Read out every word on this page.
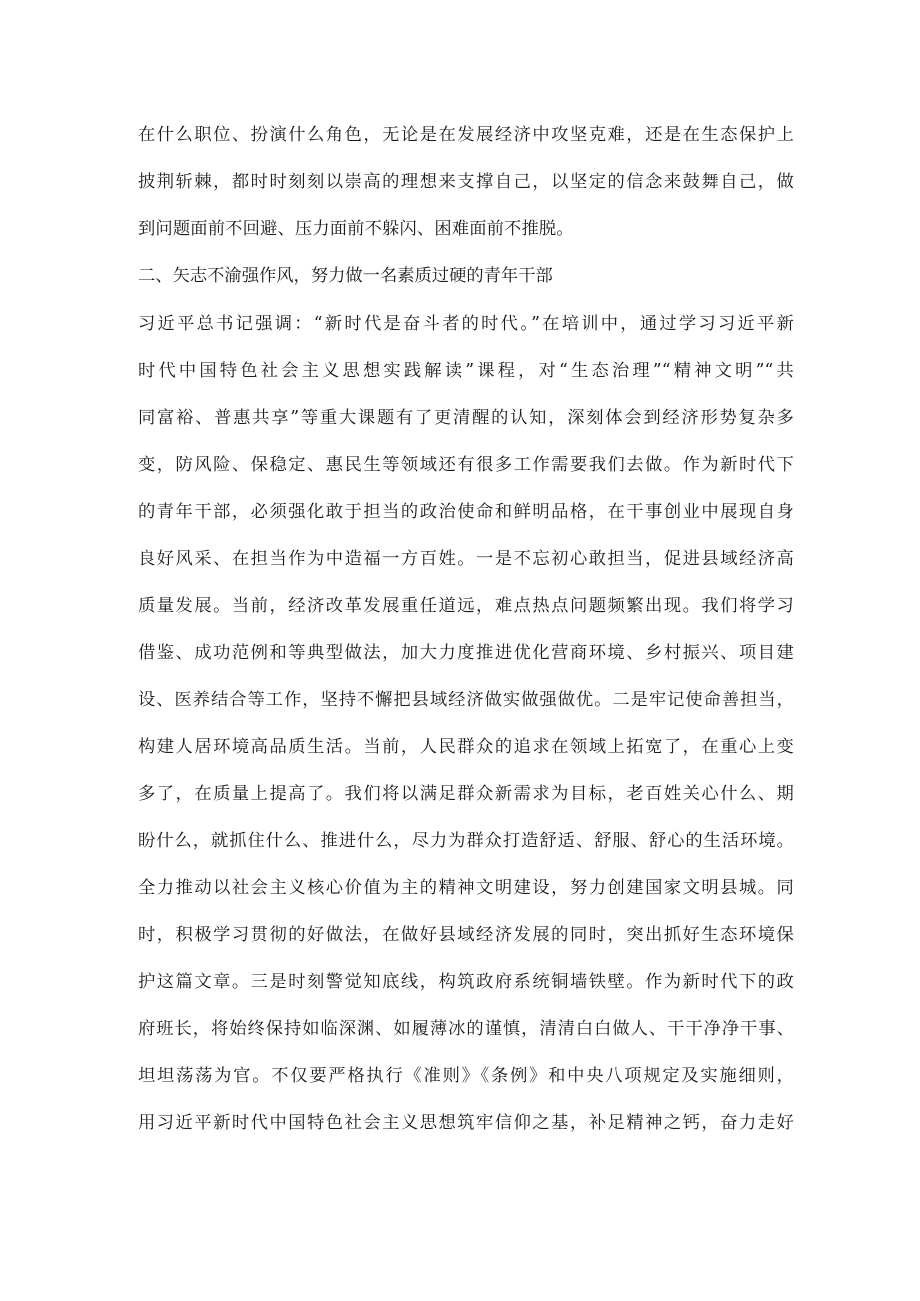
在什么职位、扮演什么角色，无论是在发展经济中攻坚克难，还是在生态保护上
披荆斩棘，都时时刻刻以崇高的理想来支撑自己，以坚定的信念来鼓舞自己，做
到问题面前不回避、压力面前不躲闪、困难面前不推脱。
二、矢志不渝强作风，努力做一名素质过硬的青年干部
习近平总书记强调：“新时代是奋斗者的时代。”在培训中，通过学习习近平新
时代中国特色社会主义思想实践解读”课程，对“生态治理”“精神文明”“共
同富裕、普惠共享”等重大课题有了更清醒的认知，深刻体会到经济形势复杂多
变，防风险、保稳定、惠民生等领域还有很多工作需要我们去做。作为新时代下
的青年干部，必须强化敢于担当的政治使命和鲜明品格，在干事创业中展现自身
良好风采、在担当作为中造福一方百姓。一是不忘初心敢担当，促进县域经济高
质量发展。当前，经济改革发展重任道远，难点热点问题频繁出现。我们将学习
借鉴、成功范例和等典型做法，加大力度推进优化营商环境、乡村振兴、项目建
设、医养结合等工作，坚持不懈把县域经济做实做强做优。二是牢记使命善担当，
构建人居环境高品质生活。当前，人民群众的追求在领域上拓宽了，在重心上变
多了，在质量上提高了。我们将以满足群众新需求为目标，老百姓关心什么、期
盼什么，就抓住什么、推进什么，尽力为群众打造舒适、舒服、舒心的生活环境。
全力推动以社会主义核心价值为主的精神文明建设，努力创建国家文明县城。同
时，积极学习贯彻的好做法，在做好县域经济发展的同时，突出抓好生态环境保
护这篇文章。三是时刻警觉知底线，构筑政府系统铜墙铁壁。作为新时代下的政
府班长，将始终保持如临深渊、如履薄冰的谨慎，清清白白做人、干干净净干事、
坦坦荡荡为官。不仅要严格执行《准则》《条例》和中央八项规定及实施细则，
用习近平新时代中国特色社会主义思想筑牢信仰之基，补足精神之钙，奋力走好
